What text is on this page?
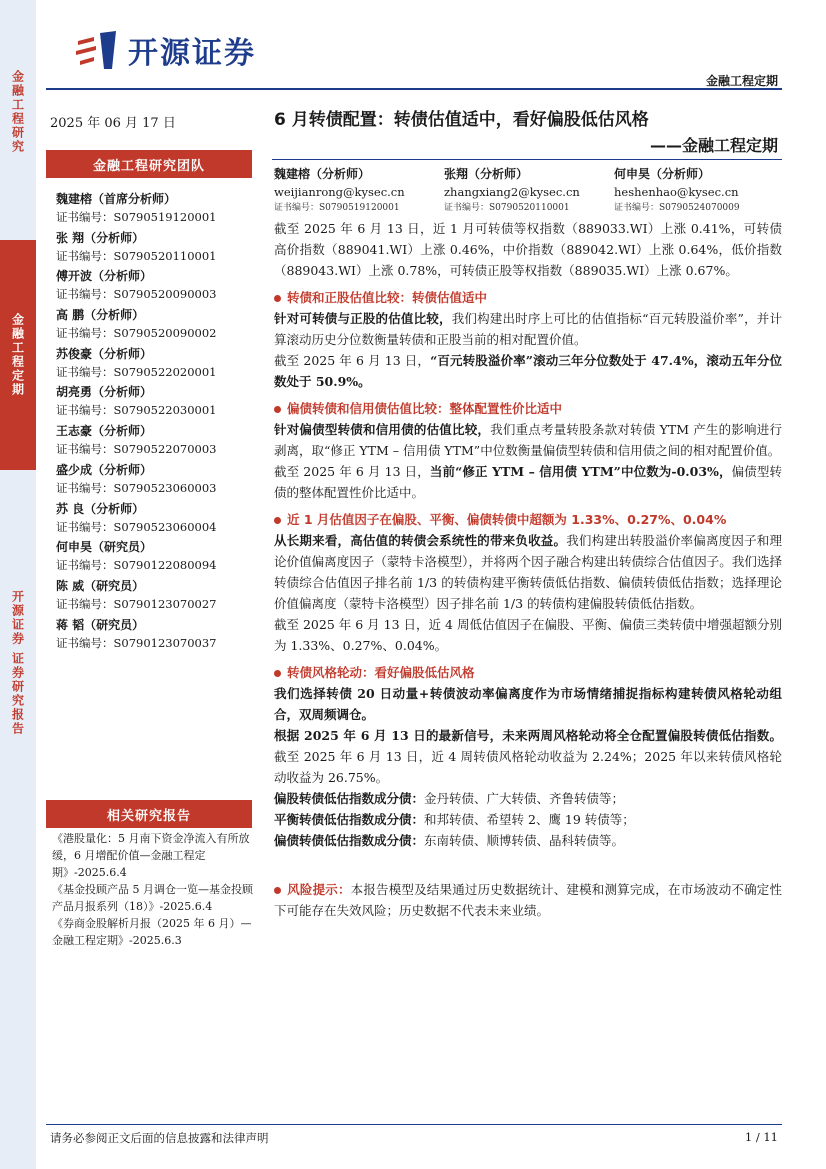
金融工程研究
金融工程定期
开源证券 证券研究报告
开源证券
金融工程定期
2025 年 06 月 17 日
金融工程研究团队
魏建榕（首席分析师）
证书编号：S0790519120001
张 翔（分析师）
证书编号：S0790520110001
傅开波（分析师）
证书编号：S0790520090003
高 鹏（分析师）
证书编号：S0790520090002
苏俊豪（分析师）
证书编号：S0790522020001
胡亮勇（分析师）
证书编号：S0790522030001
王志豪（分析师）
证书编号：S0790522070003
盛少成（分析师）
证书编号：S0790523060003
苏 良（分析师）
证书编号：S0790523060004
何申昊（研究员）
证书编号：S0790122080094
陈 威（研究员）
证书编号：S0790123070027
蒋 韬（研究员）
证书编号：S0790123070037
相关研究报告
《港股量化：5 月南下资金净流入有所放缓，6 月增配价值—金融工程定期》-2025.6.4
《基金投顾产品 5 月调仓一览—基金投顾产品月报系列（18）》-2025.6.4
《券商金股解析月报（2025 年 6 月）—金融工程定期》-2025.6.3
6 月转债配置：转债估值适中，看好偏股低估风格
——金融工程定期
魏建榕（分析师）
weijianrong@kysec.cn
证书编号：S0790519120001
张翔（分析师）
zhangxiang2@kysec.cn
证书编号：S0790520110001
何申昊（分析师）
heshenhao@kysec.cn
证书编号：S0790524070009

截至 2025 年 6 月 13 日，近 1 月可转债等权指数（889033.WI）上涨 0.41%，可转债高价指数（889041.WI）上涨 0.46%，中价指数（889042.WI）上涨 0.64%，低价指数（889043.WI）上涨 0.78%，可转债正股等权指数（889035.WI）上涨 0.67%。

转债和正股估值比较：转债估值适中

针对可转债与正股的估值比较，我们构建出时序上可比的估值指标“百元转股溢价率”，并计算滚动历史分位数衡量转债和正股当前的相对配置价值。

截至 2025 年 6 月 13 日，“百元转股溢价率”滚动三年分位数处于 47.4%，滚动五年分位数处于 50.9%。

偏债转债和信用债估值比较：整体配置性价比适中

针对偏债型转债和信用债的估值比较，我们重点考量转股条款对转债 YTM 产生的影响进行剥离，取“修正 YTM – 信用债 YTM”中位数衡量偏债型转债和信用债之间的相对配置价值。

截至 2025 年 6 月 13 日，当前“修正 YTM – 信用债 YTM”中位数为-0.03%，偏债型转债的整体配置性价比适中。

近 1 月估值因子在偏股、平衡、偏债转债中超额为 1.33%、0.27%、0.04%

从长期来看，高估值的转债会系统性的带来负收益。我们构建出转股溢价率偏离度因子和理论价值偏离度因子（蒙特卡洛模型），并将两个因子融合构建出转债综合估值因子。我们选择转债综合估值因子排名前 1/3 的转债构建平衡转债低估指数、偏债转债低估指数；选择理论价值偏离度（蒙特卡洛模型）因子排名前 1/3 的转债构建偏股转债低估指数。

截至 2025 年 6 月 13 日，近 4 周低估值因子在偏股、平衡、偏债三类转债中增强超额分别为 1.33%、0.27%、0.04%。

转债风格轮动：看好偏股低估风格

我们选择转债 20 日动量+转债波动率偏离度作为市场情绪捕捉指标构建转债风格轮动组合，双周频调仓。

根据 2025 年 6 月 13 日的最新信号，未来两周风格轮动将全仓配置偏股转债低估指数。截至 2025 年 6 月 13 日，近 4 周转债风格轮动收益为 2.24%；2025 年以来转债风格轮动收益为 26.75%。

偏股转债低估指数成分债：金丹转债、广大转债、齐鲁转债等；

平衡转债低估指数成分债：和邦转债、希望转 2、鹰 19 转债等；

偏债转债低估指数成分债：东南转债、顺博转债、晶科转债等。

风险提示：本报告模型及结果通过历史数据统计、建模和测算完成，在市场波动不确定性下可能存在失效风险；历史数据不代表未来业绩。

请务必参阅正文后面的信息披露和法律声明	1 / 11
